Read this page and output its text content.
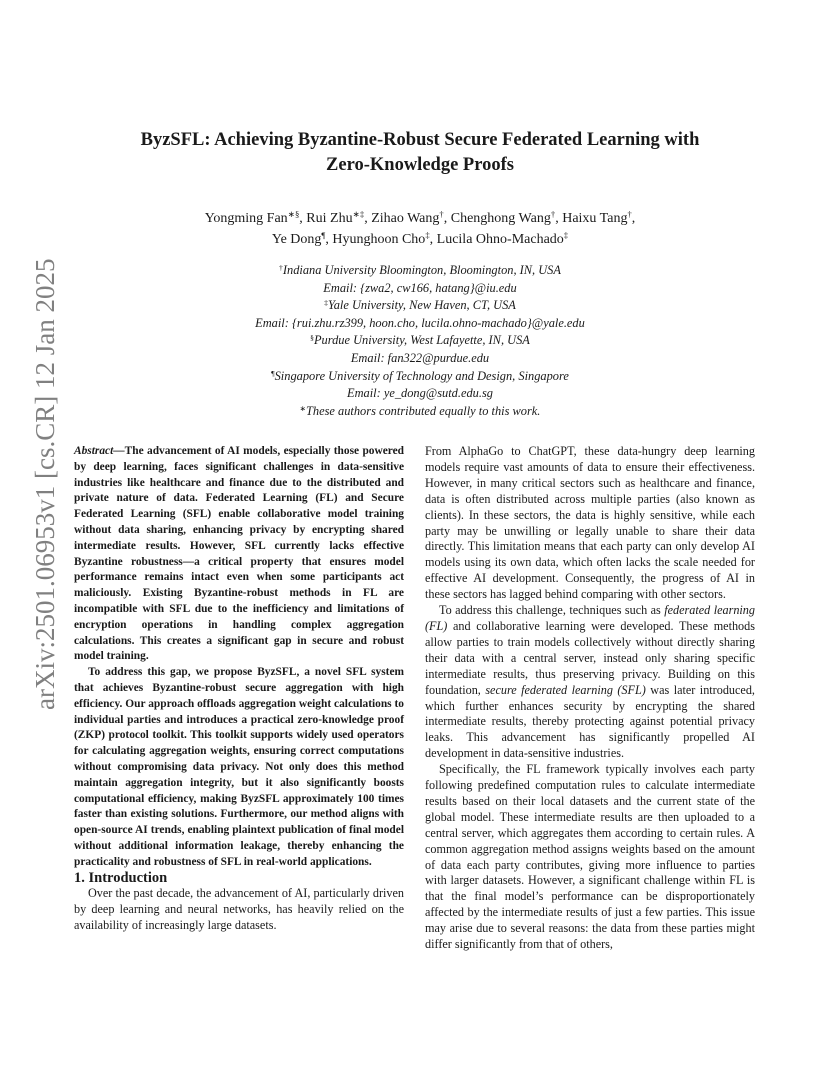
arXiv:2501.06953v1 [cs.CR] 12 Jan 2025
ByzSFL: Achieving Byzantine-Robust Secure Federated Learning with
Zero-Knowledge Proofs
Yongming Fan∗§, Rui Zhu∗‡, Zihao Wang†, Chenghong Wang†, Haixu Tang†,
Ye Dong¶, Hyunghoon Cho‡, Lucila Ohno-Machado‡
†Indiana University Bloomington, Bloomington, IN, USA
Email: {zwa2, cw166, hatang}@iu.edu
‡Yale University, New Haven, CT, USA
Email: {rui.zhu.rz399, hoon.cho, lucila.ohno-machado}@yale.edu
§Purdue University, West Lafayette, IN, USA
Email: fan322@purdue.edu
¶Singapore University of Technology and Design, Singapore
Email: ye_dong@sutd.edu.sg
∗These authors contributed equally to this work.

Abstract—The advancement of AI models, especially those powered by deep learning, faces significant challenges in data-sensitive industries like healthcare and finance due to the distributed and private nature of data. Federated Learning (FL) and Secure Federated Learning (SFL) enable collaborative model training without data sharing, enhancing privacy by encrypting shared intermediate results. However, SFL currently lacks effective Byzantine robustness—a critical property that ensures model performance remains intact even when some participants act maliciously. Existing Byzantine-robust methods in FL are incompatible with SFL due to the inefficiency and limitations of encryption operations in handling complex aggregation calculations. This creates a significant gap in secure and robust model training.

To address this gap, we propose ByzSFL, a novel SFL system that achieves Byzantine-robust secure aggregation with high efficiency. Our approach offloads aggregation weight calculations to individual parties and introduces a practical zero-knowledge proof (ZKP) protocol toolkit. This toolkit supports widely used operators for calculating aggregation weights, ensuring correct computations without compromising data privacy. Not only does this method maintain aggregation integrity, but it also significantly boosts computational efficiency, making ByzSFL approximately 100 times faster than existing solutions. Furthermore, our method aligns with open-source AI trends, enabling plaintext publication of final model without additional information leakage, thereby enhancing the practicality and robustness of SFL in real-world applications.

1. Introduction

Over the past decade, the advancement of AI, particularly driven by deep learning and neural networks, has heavily relied on the availability of increasingly large datasets.

From AlphaGo to ChatGPT, these data-hungry deep learning models require vast amounts of data to ensure their effectiveness. However, in many critical sectors such as healthcare and finance, data is often distributed across multiple parties (also known as clients). In these sectors, the data is highly sensitive, while each party may be unwilling or legally unable to share their data directly. This limitation means that each party can only develop AI models using its own data, which often lacks the scale needed for effective AI development. Consequently, the progress of AI in these sectors has lagged behind comparing with other sectors.

To address this challenge, techniques such as federated learning (FL) and collaborative learning were developed. These methods allow parties to train models collectively without directly sharing their data with a central server, instead only sharing specific intermediate results, thus preserving privacy. Building on this foundation, secure federated learning (SFL) was later introduced, which further enhances security by encrypting the shared intermediate results, thereby protecting against potential privacy leaks. This advancement has significantly propelled AI development in data-sensitive industries.

Specifically, the FL framework typically involves each party following predefined computation rules to calculate intermediate results based on their local datasets and the current state of the global model. These intermediate results are then uploaded to a central server, which aggregates them according to certain rules. A common aggregation method assigns weights based on the amount of data each party contributes, giving more influence to parties with larger datasets. However, a significant challenge within FL is that the final model’s performance can be disproportionately affected by the intermediate results of just a few parties. This issue may arise due to several reasons: the data from these parties might differ significantly from that of others,
